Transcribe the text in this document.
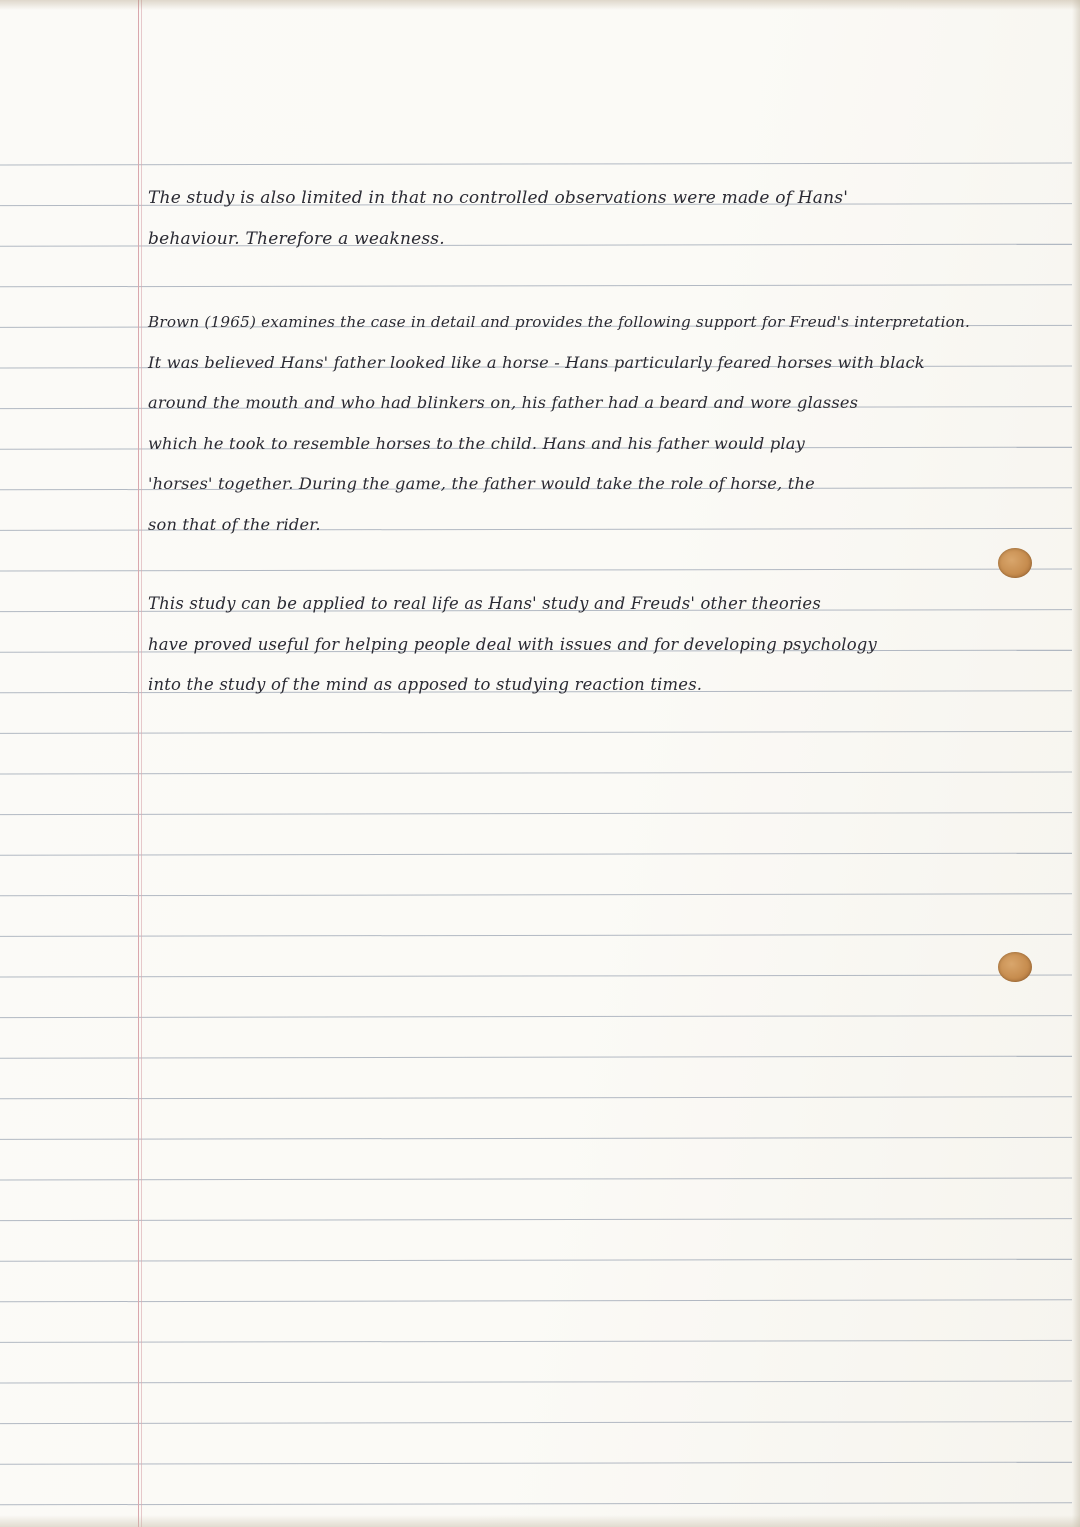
The study is also limited in that no controlled observations were made of Hans'
behaviour. Therefore a weakness.
Brown (1965) examines the case in detail and provides the following support for Freud's interpretation.
It was believed Hans' father looked like a horse - Hans particularly feared horses with black
around the mouth and who had blinkers on, his father had a beard and wore glasses
which he took to resemble horses to the child. Hans and his father would play
'horses' together. During the game, the father would take the role of horse, the
son that of the rider.
This study can be applied to real life as Hans' study and Freuds' other theories
have proved useful for helping people deal with issues and for developing psychology
into the study of the mind as apposed to studying reaction times.
